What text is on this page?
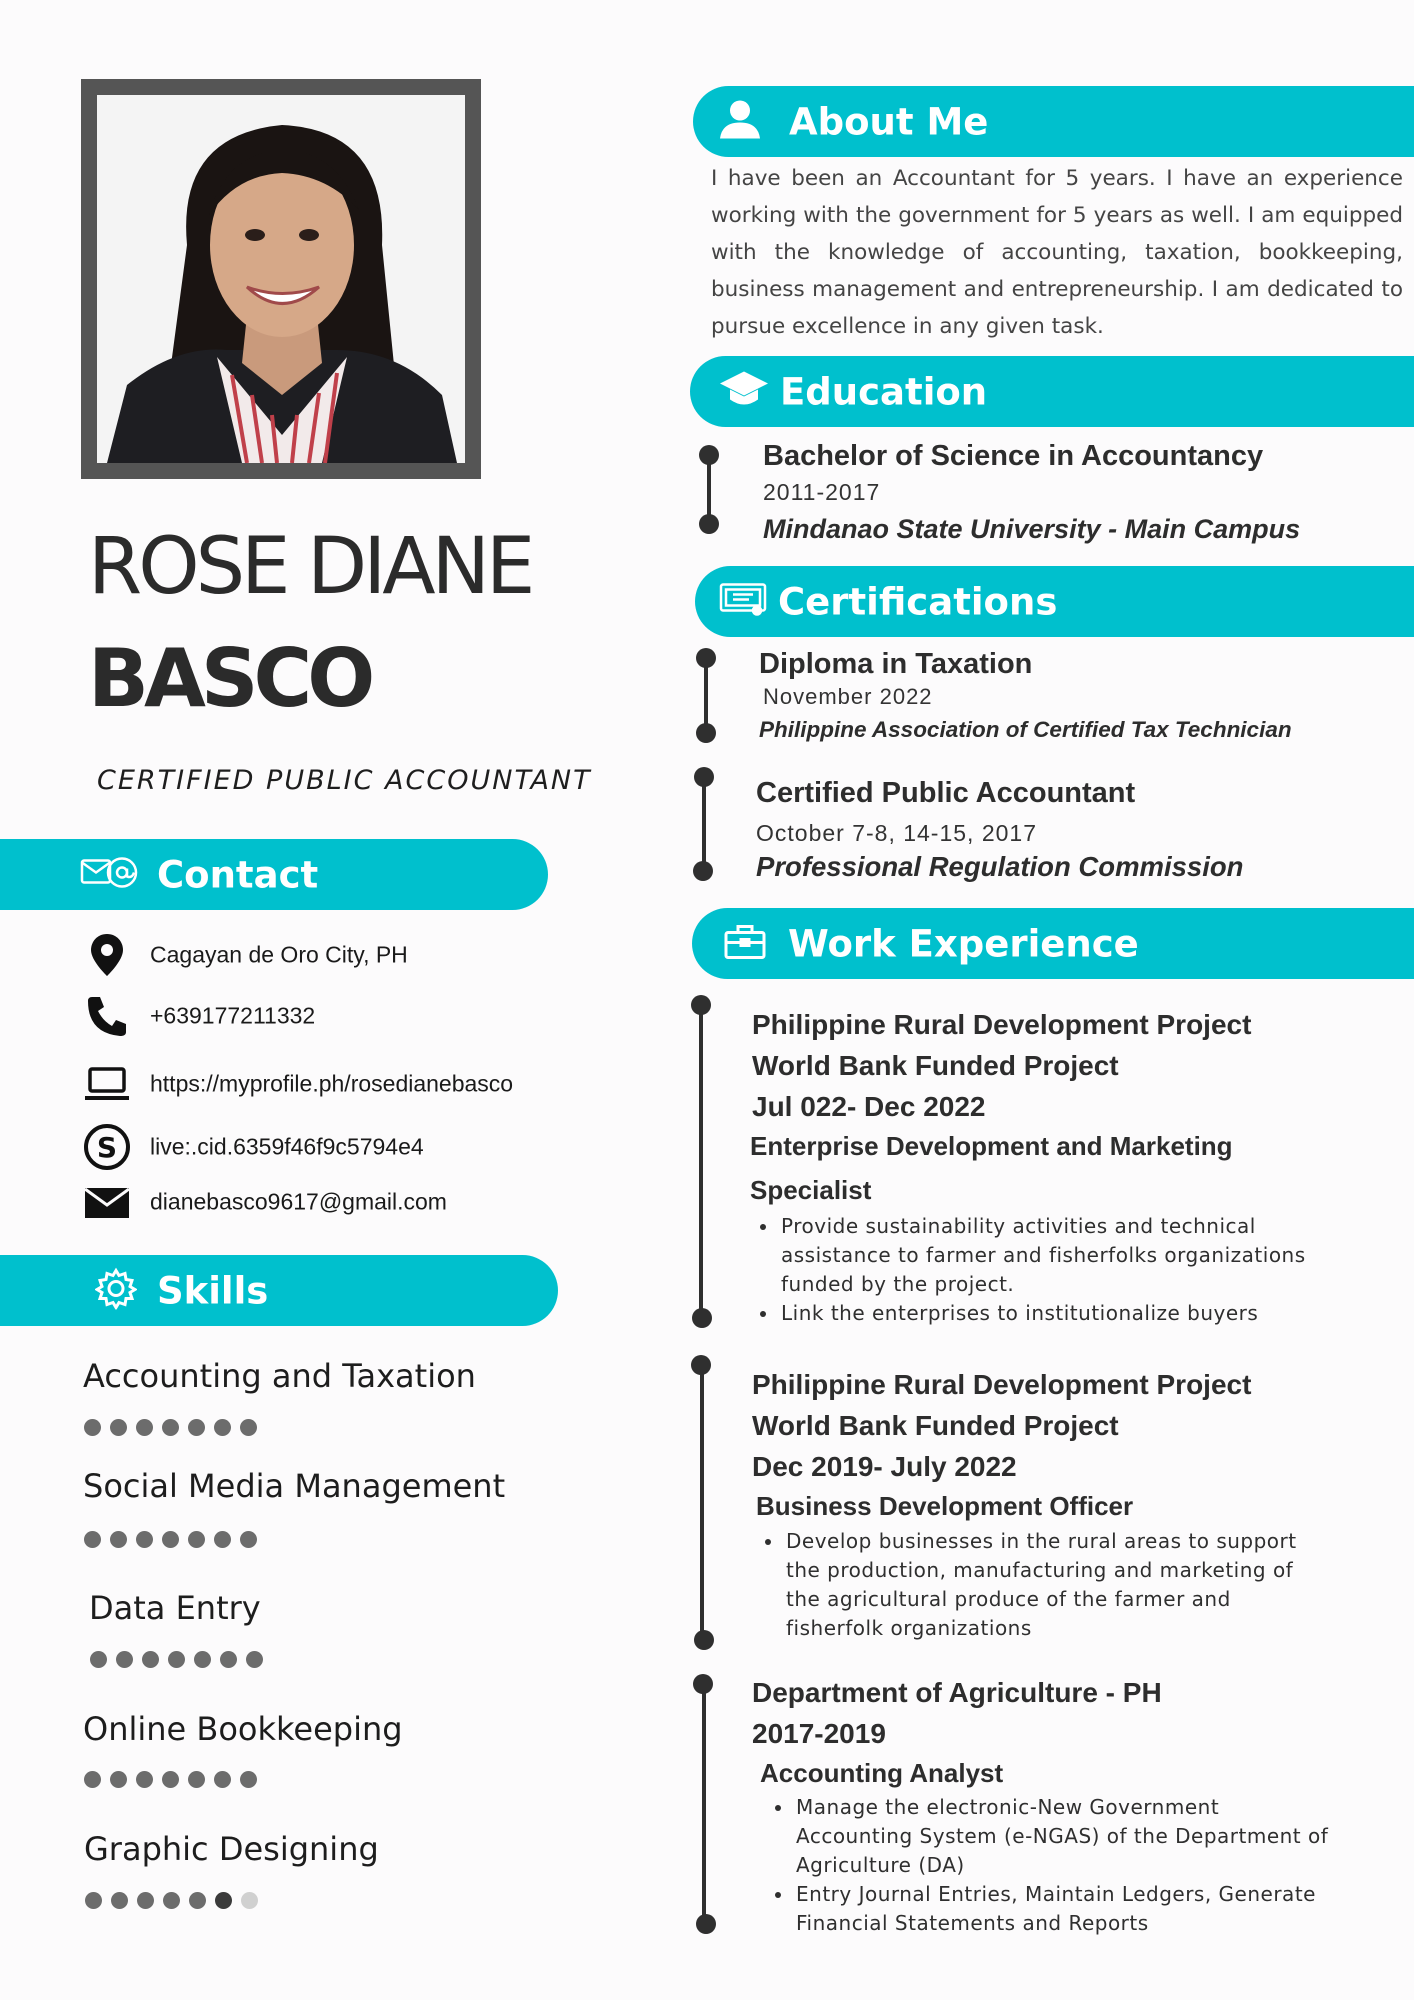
ROSE DIANE
BASCO
CERTIFIED PUBLIC ACCOUNTANT
Contact
Cagayan de Oro City, PH
+639177211332
https://myprofile.ph/rosedianebasco
S live:.cid.6359f46f9c5794e4
dianebasco9617@gmail.com
Skills
Accounting and Taxation
Social Media Management
Data Entry
Online Bookkeeping
Graphic Designing
About Me
I have been an Accountant for 5 years. I have an experience working with the government for 5 years as well. I am equipped with the knowledge of accounting, taxation, bookkeeping, business management and entrepreneurship. I am dedicated to pursue excellence in any given task.
Education
Bachelor of Science in Accountancy
2011-2017
Mindanao State University - Main Campus
Certifications
Diploma in Taxation
November 2022
Philippine Association of Certified Tax Technician
Certified Public Accountant
October 7-8, 14-15, 2017
Professional Regulation Commission
Work Experience
Philippine Rural Development Project
World Bank Funded Project
Jul 022- Dec 2022
Enterprise Development and Marketing
Specialist
• Provide sustainability activities and technical assistance to farmer and fisherfolks organizations funded by the project.
• Link the enterprises to institutionalize buyers
Philippine Rural Development Project
World Bank Funded Project
Dec 2019- July 2022
Business Development Officer
• Develop businesses in the rural areas to support the production, manufacturing and marketing of the agricultural produce of the farmer and fisherfolk organizations
Department of Agriculture - PH
2017-2019
Accounting Analyst
• Manage the electronic-New Government Accounting System (e-NGAS) of the Department of Agriculture (DA)
• Entry Journal Entries, Maintain Ledgers, Generate Financial Statements and Reports
